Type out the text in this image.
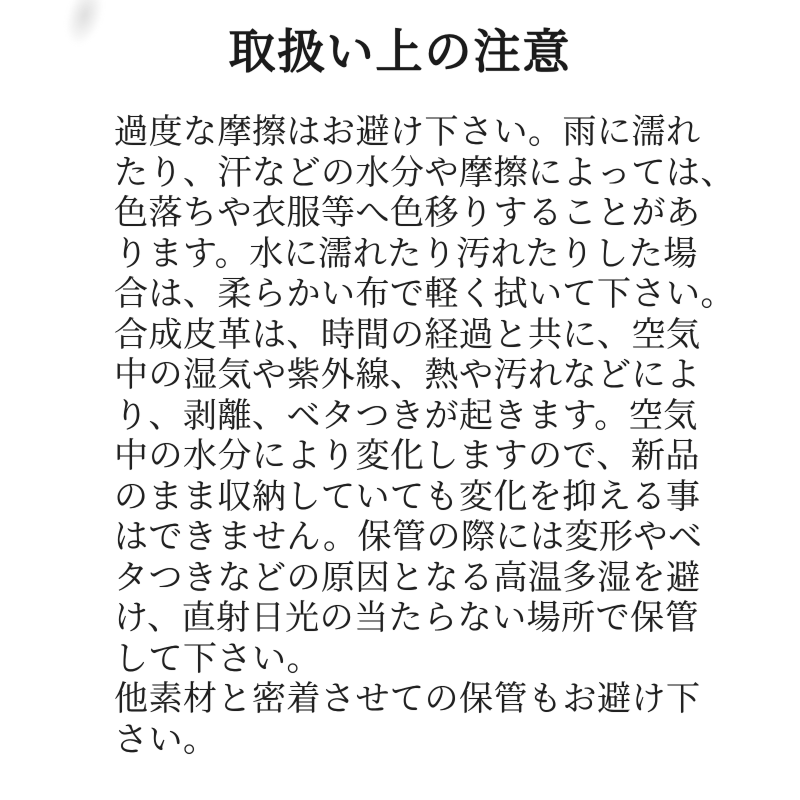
取扱い上の注意
過度な摩擦はお避け下さい。雨に濡れ
たり、汗などの水分や摩擦によっては、
色落ちや衣服等へ色移りすることがあ
ります。水に濡れたり汚れたりした場
合は、柔らかい布で軽く拭いて下さい。
合成皮革は、時間の経過と共に、空気
中の湿気や紫外線、熱や汚れなどによ
り、剥離、ベタつきが起きます。空気
中の水分により変化しますので、新品
のまま収納していても変化を抑える事
はできません。保管の際には変形やベ
タつきなどの原因となる高温多湿を避
け、直射日光の当たらない場所で保管
して下さい。
他素材と密着させての保管もお避け下
さい。
